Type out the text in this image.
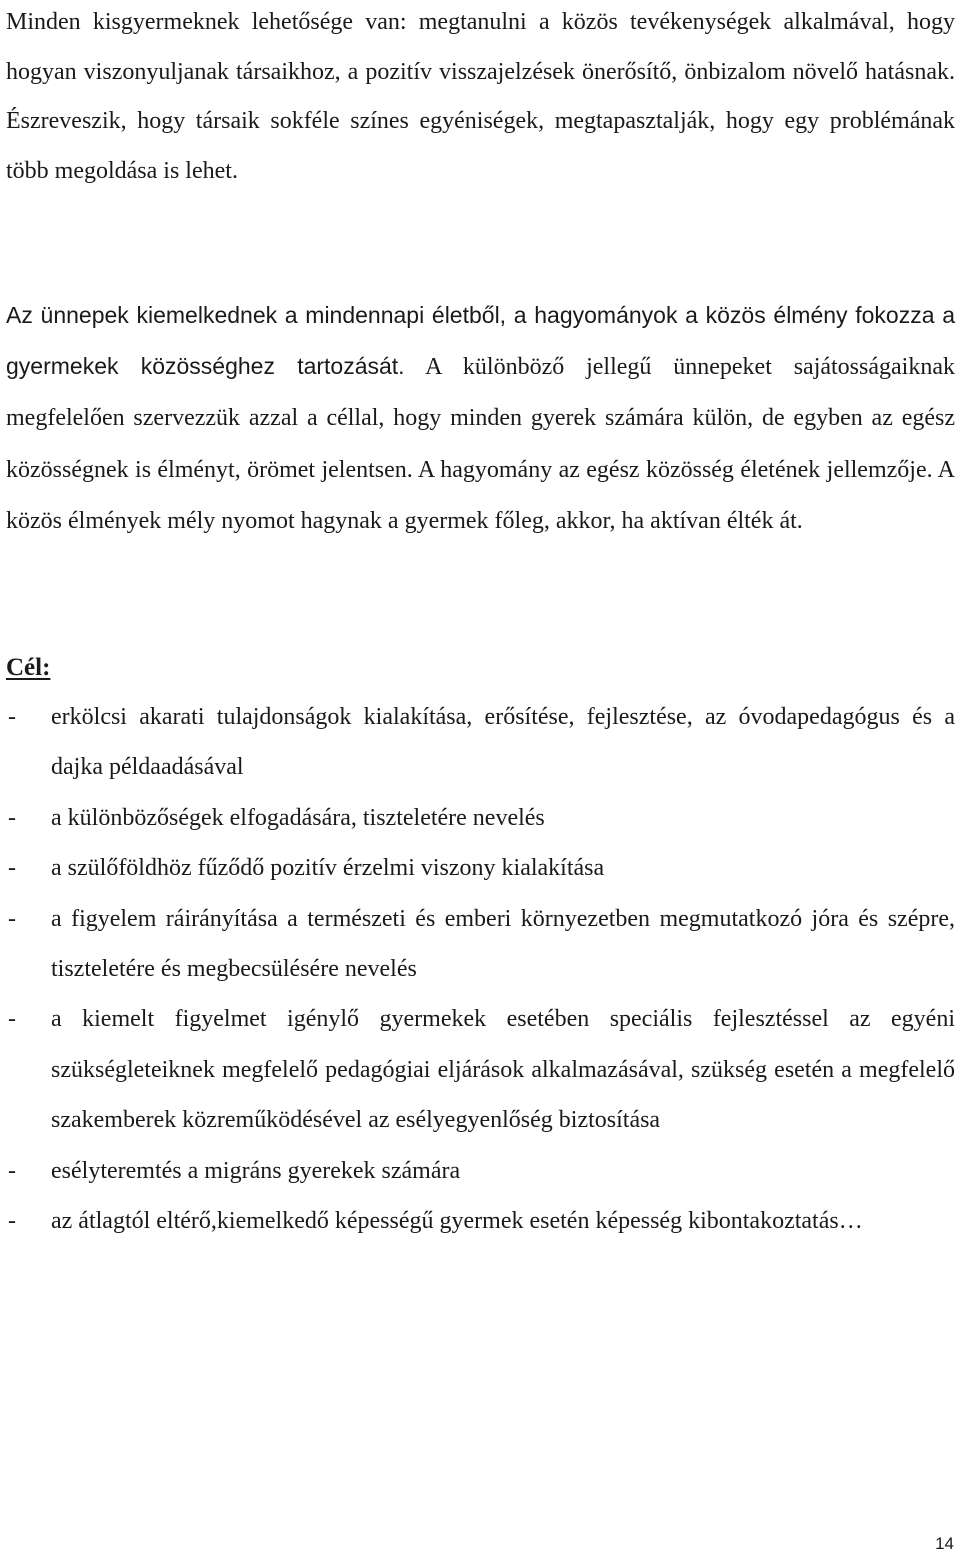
Minden kisgyermeknek lehetősége van: megtanulni a közös tevékenységek alkalmával, hogy hogyan viszonyuljanak társaikhoz, a pozitív visszajelzések önerősítő, önbizalom növelő hatásnak. Észreveszik, hogy társaik sokféle színes egyéniségek, megtapasztalják, hogy egy problémának több megoldása is lehet.

Az ünnepek kiemelkednek a mindennapi életből, a hagyományok a közös élmény fokozza a gyermekek közösséghez tartozását. A különböző jellegű ünnepeket sajátosságaiknak megfelelően szervezzük azzal a céllal, hogy minden gyerek számára külön, de egyben az egész közösségnek is élményt, örömet jelentsen. A hagyomány az egész közösség életének jellemzője. A közös élmények mély nyomot hagynak a gyermek főleg, akkor, ha aktívan élték át.

Cél:
- erkölcsi akarati tulajdonságok kialakítása, erősítése, fejlesztése, az óvodapedagógus és a dajka példaadásával
- a különbözőségek elfogadására, tiszteletére nevelés
- a szülőföldhöz fűződő pozitív érzelmi viszony kialakítása
- a figyelem ráirányítása a természeti és emberi környezetben megmutatkozó jóra és szépre, tiszteletére és megbecsülésére nevelés
- a kiemelt figyelmet igénylő gyermekek esetében speciális fejlesztéssel az egyéni szükségleteiknek megfelelő pedagógiai eljárások alkalmazásával, szükség esetén a megfelelő szakemberek közreműködésével az esélyegyenlőség biztosítása
- esélyteremtés a migráns gyerekek számára
- az átlagtól eltérő,kiemelkedő képességű gyermek esetén képesség kibontakoztatás…
14
